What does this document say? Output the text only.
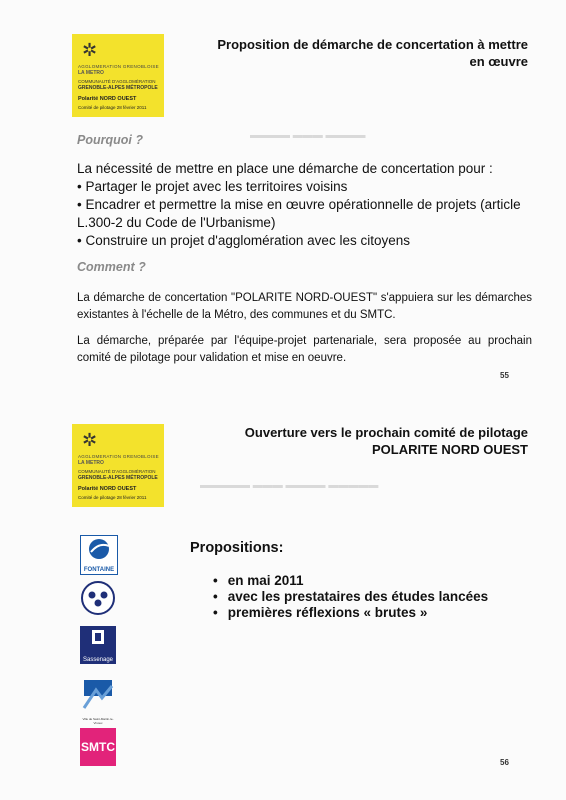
▬▬▬▬ ▬▬▬ ▬▬▬▬
▬▬▬▬▬ ▬▬▬ ▬▬▬▬ ▬▬▬▬▬
✲
AGGLOMERATION GRENOBLOISE
LA METRO
COMMUNAUTÉ D'AGGLOMÉRATION
GRENOBLE-ALPES MÉTROPOLE
Polarité NORD OUEST
Comité de pilotage 28 février 2011
Proposition de démarche de concertation à mettre
en œuvre
Pourquoi ?
La nécessité de mettre en place une démarche de concertation pour :
• Partager le projet avec les territoires voisins
• Encadrer et permettre la mise en œuvre opérationnelle de projets (article L.300-2 du Code de l'Urbanisme)
• Construire un projet d'agglomération avec les citoyens
Comment ?
La démarche de concertation "POLARITE NORD-OUEST" s'appuiera sur les démarches existantes à l'échelle de la Métro, des communes et du SMTC.
La démarche, préparée par l'équipe-projet partenariale, sera proposée au prochain comité de pilotage pour validation et mise en oeuvre.
55
✲
AGGLOMERATION GRENOBLOISE
LA METRO
COMMUNAUTÉ D'AGGLOMÉRATION
GRENOBLE-ALPES MÉTROPOLE
Polarité NORD OUEST
Comité de pilotage 28 février 2011
Ouverture vers le prochain comité de pilotage
POLARITE NORD OUEST
FONTAINE
Sassenage
Ville de Saint-Martin-le-Vinoux
SMTC
Propositions:
• en mai 2011
• avec les prestataires des études lancées
• premières réflexions « brutes »
56
